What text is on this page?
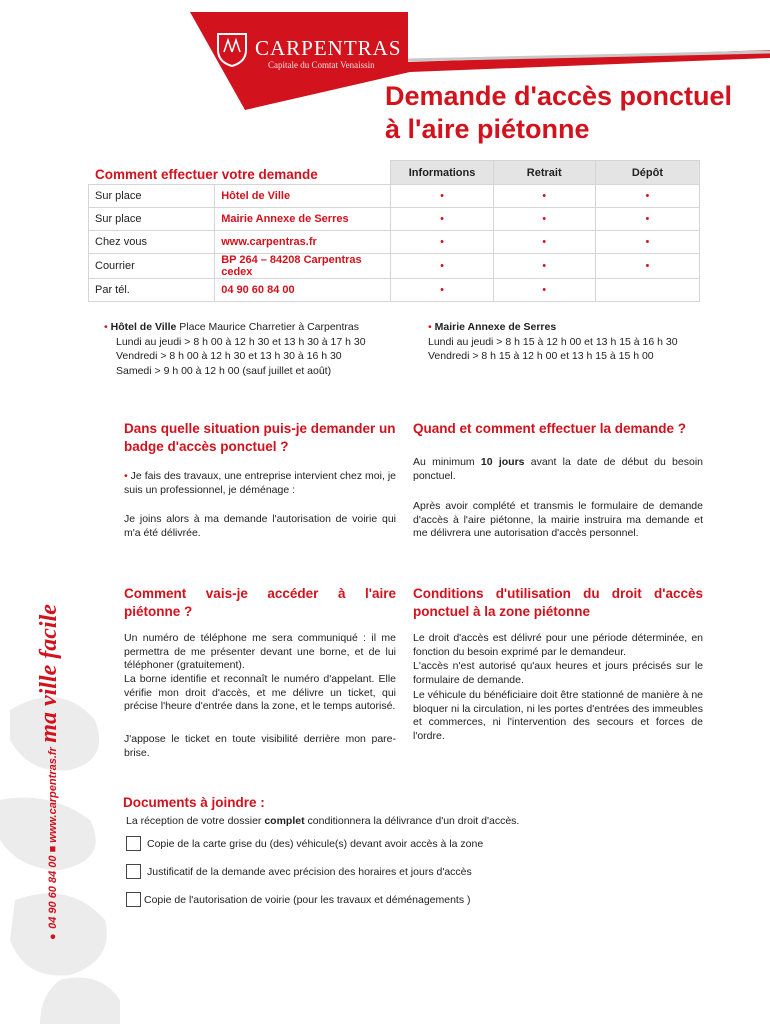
CARPENTRAS
Capitale du Comtat Venaissin
Demande d'accès ponctuel
à l'aire piétonne
		Informations	Retrait	Dépôt
Sur place	Hôtel de Ville	•	•	•
Sur place	Mairie Annexe de Serres	•	•	•
Chez vous	www.carpentras.fr	•	•	•
Courrier	BP 264 – 84208 Carpentras cedex	•	•	•
Par tél.	04 90 60 84 00	•	•	
Comment effectuer votre demande
• Hôtel de Ville Place Maurice Charretier à Carpentras
Lundi au jeudi > 8 h 00 à 12 h 30 et 13 h 30 à 17 h 30
Vendredi > 8 h 00 à 12 h 30 et 13 h 30 à 16 h 30
Samedi > 9 h 00 à 12 h 00 (sauf juillet et août)
• Mairie Annexe de Serres
Lundi au jeudi > 8 h 15 à 12 h 00 et 13 h 15 à 16 h 30
Vendredi > 8 h 15 à 12 h 00 et 13 h 15 à 15 h 00
Dans quelle situation puis-je demander un badge d'accès ponctuel ?
• Je fais des travaux, une entreprise intervient chez moi, je suis un professionnel, je déménage :
Je joins alors à ma demande l'autorisation de voirie qui m'a été délivrée.
Quand et comment effectuer la demande ?
Au minimum 10 jours avant la date de début du besoin ponctuel.
Après avoir complété et transmis le formulaire de demande d'accès à l'aire piétonne, la mairie instruira ma demande et me délivrera une autorisation d'accès personnel.
Comment vais-je accéder à l'aire
piétonne ?
Un numéro de téléphone me sera communiqué : il me permettra de me présenter devant une borne, et de lui téléphoner (gratuitement).
La borne identifie et reconnaît le numéro d'appelant. Elle vérifie mon droit d'accès, et me délivre un ticket, qui précise l'heure d'entrée dans la zone, et le temps autorisé.
J'appose le ticket en toute visibilité derrière mon pare-brise.
Conditions d'utilisation du droit d'accès ponctuel à la zone piétonne
Le droit d'accès est délivré pour une période déterminée, en fonction du besoin exprimé par le demandeur.
L'accès n'est autorisé qu'aux heures et jours précisés sur le formulaire de demande.
Le véhicule du bénéficiaire doit être stationné de manière à ne bloquer ni la circulation, ni les portes d'entrées des immeubles et commerces, ni l'intervention des secours et forces de l'ordre.
Documents à joindre :
La réception de votre dossier complet conditionnera la délivrance d'un droit d'accès.
Copie de la carte grise du (des) véhicule(s) devant avoir accès à la zone
Justificatif de la demande avec précision des horaires et jours d'accès
Copie de l'autorisation de voirie (pour les travaux et déménagements )
● 04 90 60 84 00 ■ www.carpentras.fr ma ville facile
